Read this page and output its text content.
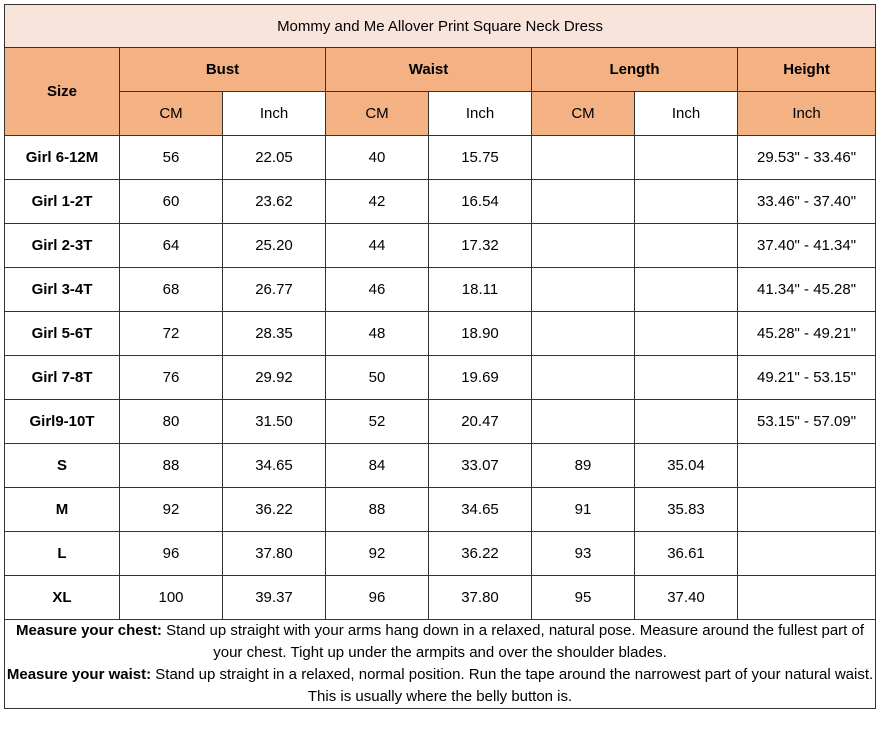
Mommy and Me Allover Print Square Neck Dress							
Size	Bust		Waist		Length		Height
	CM	Inch	CM	Inch	CM	Inch	Inch
Girl 6-12M	56	22.05	40	15.75			29.53" - 33.46"
Girl 1-2T	60	23.62	42	16.54			33.46" - 37.40"
Girl 2-3T	64	25.20	44	17.32			37.40" - 41.34"
Girl 3-4T	68	26.77	46	18.11			41.34" - 45.28"
Girl 5-6T	72	28.35	48	18.90			45.28" - 49.21"
Girl 7-8T	76	29.92	50	19.69			49.21" - 53.15"
Girl9-10T	80	31.50	52	20.47			53.15" - 57.09"
S	88	34.65	84	33.07	89	35.04	
M	92	36.22	88	34.65	91	35.83	
L	96	37.80	92	36.22	93	36.61	
XL	100	39.37	96	37.80	95	37.40	

Measure your chest: Stand up straight with your arms hang down in a relaxed, natural pose. Measure around the fullest part of your chest. Tight up under the armpits and over the shoulder blades.

Measure your waist: Stand up straight in a relaxed, normal position. Run the tape around the narrowest part of your natural waist. This is usually where the belly button is.							
